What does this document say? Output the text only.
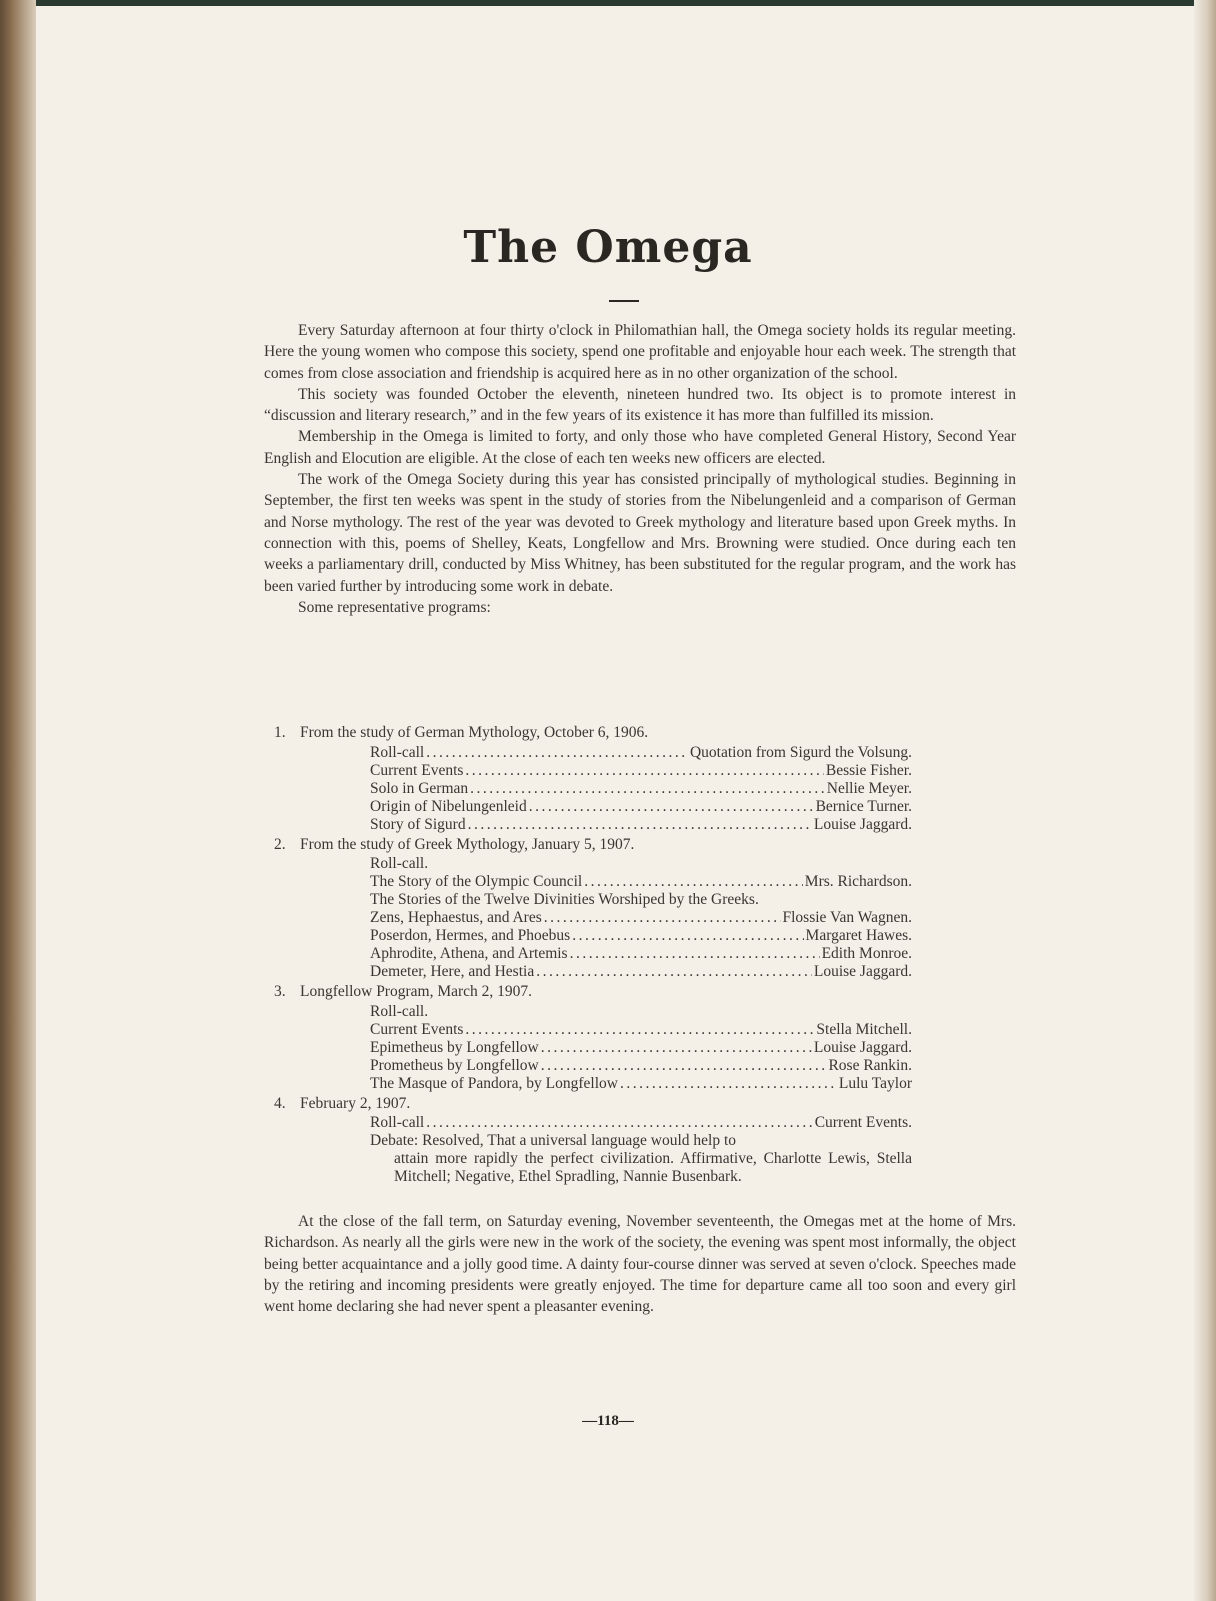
The Omega

Every Saturday afternoon at four thirty o'clock in Philomathian hall, the Omega society holds its regular meeting. Here the young women who compose this society, spend one profitable and enjoyable hour each week. The strength that comes from close association and friendship is acquired here as in no other organization of the school.

This society was founded October the eleventh, nineteen hundred two. Its object is to promote interest in “discussion and literary research,” and in the few years of its existence it has more than fulfilled its mission.

Membership in the Omega is limited to forty, and only those who have completed General History, Second Year English and Elocution are eligible. At the close of each ten weeks new officers are elected.

The work of the Omega Society during this year has consisted principally of mythological studies. Beginning in September, the first ten weeks was spent in the study of stories from the Nibelungenleid and a comparison of German and Norse mythology. The rest of the year was devoted to Greek mythology and literature based upon Greek myths. In connection with this, poems of Shelley, Keats, Longfellow and Mrs. Browning were studied. Once during each ten weeks a parliamentary drill, conducted by Miss Whitney, has been substituted for the regular program, and the work has been varied further by introducing some work in debate.

Some representative programs:

1. From the study of German Mythology, October 6, 1906.
Roll-call .....	Quotation from Sigurd the Volsung.
Current Events .....	Bessie Fisher.
Solo in German .....	Nellie Meyer.
Origin of Nibelungenleid .....	Bernice Turner.
Story of Sigurd .....	Louise Jaggard.
2. From the study of Greek Mythology, January 5, 1907.
Roll-call.
The Story of the Olympic Council .....	Mrs. Richardson.
The Stories of the Twelve Divinities Worshiped by the Greeks.
Zens, Hephaestus, and Ares .....	Flossie Van Wagnen.
Poserdon, Hermes, and Phoebus .....	Margaret Hawes.
Aphrodite, Athena, and Artemis .....	Edith Monroe.
Demeter, Here, and Hestia .....	Louise Jaggard.
3. Longfellow Program, March 2, 1907.
Roll-call.
Current Events .....	Stella Mitchell.
Epimetheus by Longfellow .....	Louise Jaggard.
Prometheus by Longfellow .....	Rose Rankin.
The Masque of Pandora, by Longfellow .....	Lulu Taylor
4. February 2, 1907.
Roll-call .....	Current Events.
Debate: Resolved, That a universal language would help to
attain more rapidly the perfect civilization. Affirmative, Charlotte Lewis, Stella Mitchell; Negative, Ethel Spradling, Nannie Busenbark.

At the close of the fall term, on Saturday evening, November seventeenth, the Omegas met at the home of Mrs. Richardson. As nearly all the girls were new in the work of the society, the evening was spent most informally, the object being better acquaintance and a jolly good time. A dainty four-course dinner was served at seven o'clock. Speeches made by the retiring and incoming presidents were greatly enjoyed. The time for departure came all too soon and every girl went home declaring she had never spent a pleasanter evening.

—118—
